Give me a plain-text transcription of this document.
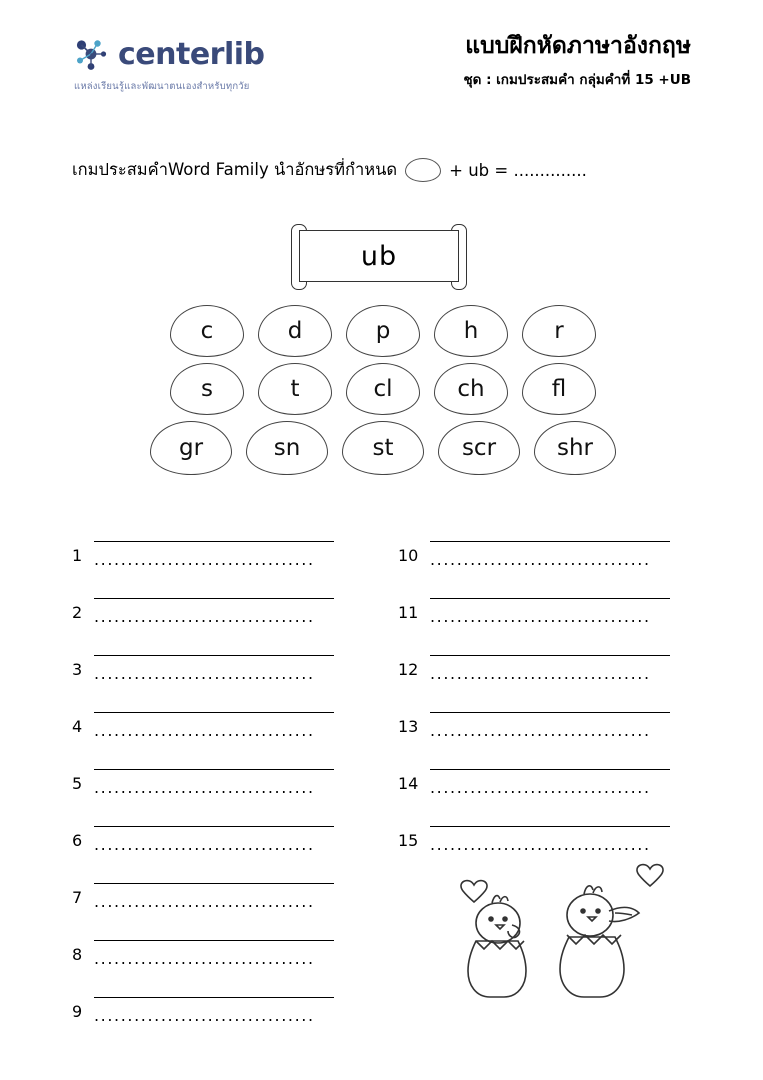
centerlib
แหล่งเรียนรู้และพัฒนาตนเองสำหรับทุกวัย
แบบฝึกหัดภาษาอังกฤษ
ชุด : เกมประสมคำ กลุ่มคำที่ 15 +UB
เกมประสมคำWord Family นำอักษรที่กำหนด	+ ub = ..............
ub
c	d	p	h	r
s	t	cl	ch	fl
gr	sn	st	scr	shr
1 .................................
2 .................................
3 .................................
4 .................................
5 .................................
6 .................................
7 .................................
8 .................................
9 .................................
10 .................................
11 .................................
12 .................................
13 .................................
14 .................................
15 .................................
